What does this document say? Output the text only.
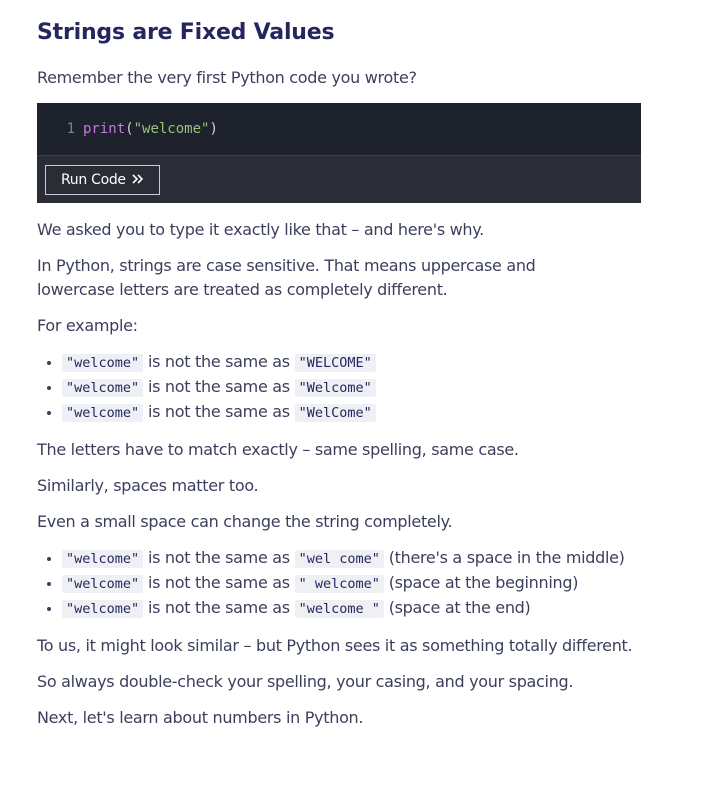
Strings are Fixed Values

Remember the very first Python code you wrote?

1 print ( "welcome" )
Run Code

We asked you to type it exactly like that – and here's why.

In Python, strings are case sensitive. That means uppercase and lowercase letters are treated as completely different.

For example:

"welcome" is not the same as "WELCOME"
"welcome" is not the same as "Welcome"
"welcome" is not the same as "WelCome"

The letters have to match exactly – same spelling, same case.

Similarly, spaces matter too.

Even a small space can change the string completely.

"welcome" is not the same as "wel come" (there's a space in the middle)
"welcome" is not the same as " welcome" (space at the beginning)
"welcome" is not the same as "welcome " (space at the end)

To us, it might look similar – but Python sees it as something totally different.

So always double-check your spelling, your casing, and your spacing.

Next, let's learn about numbers in Python.
